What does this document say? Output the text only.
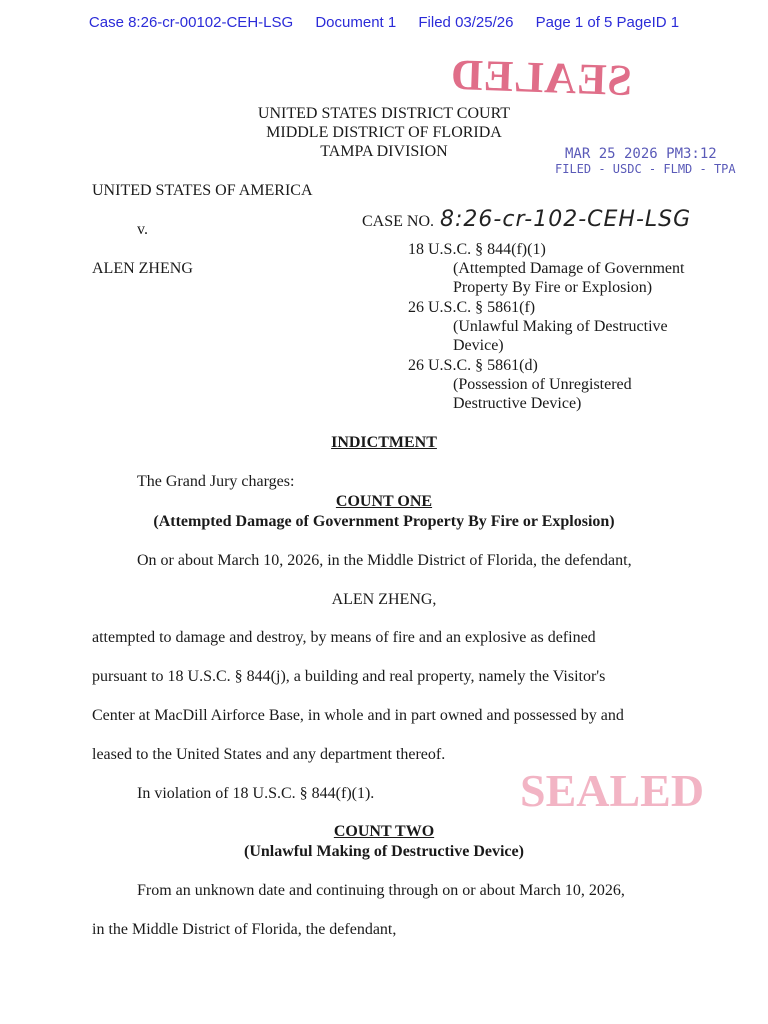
Case 8:26-cr-00102-CEH-LSG Document 1 Filed 03/25/26 Page 1 of 5 PageID 1
SEALED
UNITED STATES DISTRICT COURT
MIDDLE DISTRICT OF FLORIDA
TAMPA DIVISION	MAR 25 2026 PM3:12
FILED - USDC - FLMD - TPA
UNITED STATES OF AMERICA
v.
ALEN ZHENG
CASE NO. 8:26-cr-102-CEH-LSG
18 U.S.C. § 844(f)(1)
(Attempted Damage of Government
Property By Fire or Explosion)
26 U.S.C. § 5861(f)
(Unlawful Making of Destructive
Device)
26 U.S.C. § 5861(d)
(Possession of Unregistered
Destructive Device)
INDICTMENT
The Grand Jury charges:
COUNT ONE
(Attempted Damage of Government Property By Fire or Explosion)
On or about March 10, 2026, in the Middle District of Florida, the defendant,
ALEN ZHENG,
attempted to damage and destroy, by means of fire and an explosive as defined
pursuant to 18 U.S.C. § 844(j), a building and real property, namely the Visitor's
Center at MacDill Airforce Base, in whole and in part owned and possessed by and
leased to the United States and any department thereof.
In violation of 18 U.S.C. § 844(f)(1).	SEALED
COUNT TWO
(Unlawful Making of Destructive Device)
From an unknown date and continuing through on or about March 10, 2026,
in the Middle District of Florida, the defendant,
